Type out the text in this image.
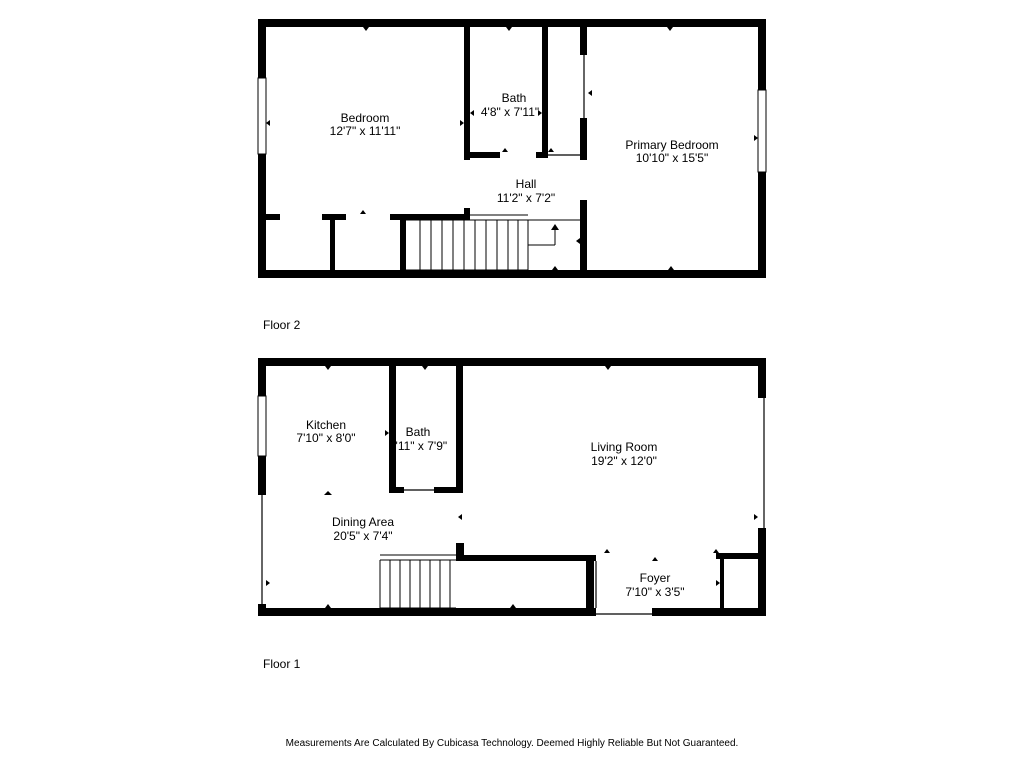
Bedroom
12'7" x 11'11"
Bath
4'8" x 7'11"
Primary Bedroom
10'10" x 15'5"
Hall
11'2" x 7'2"
Floor 2
Kitchen
7'10" x 8'0"	Bath
3'11" x 7'9"	Living Room
19'2" x 12'0"
Dining Area
20'5" x 7'4"
Foyer
7'10" x 3'5"
Floor 1
Measurements Are Calculated By Cubicasa Technology. Deemed Highly Reliable But Not Guaranteed.
